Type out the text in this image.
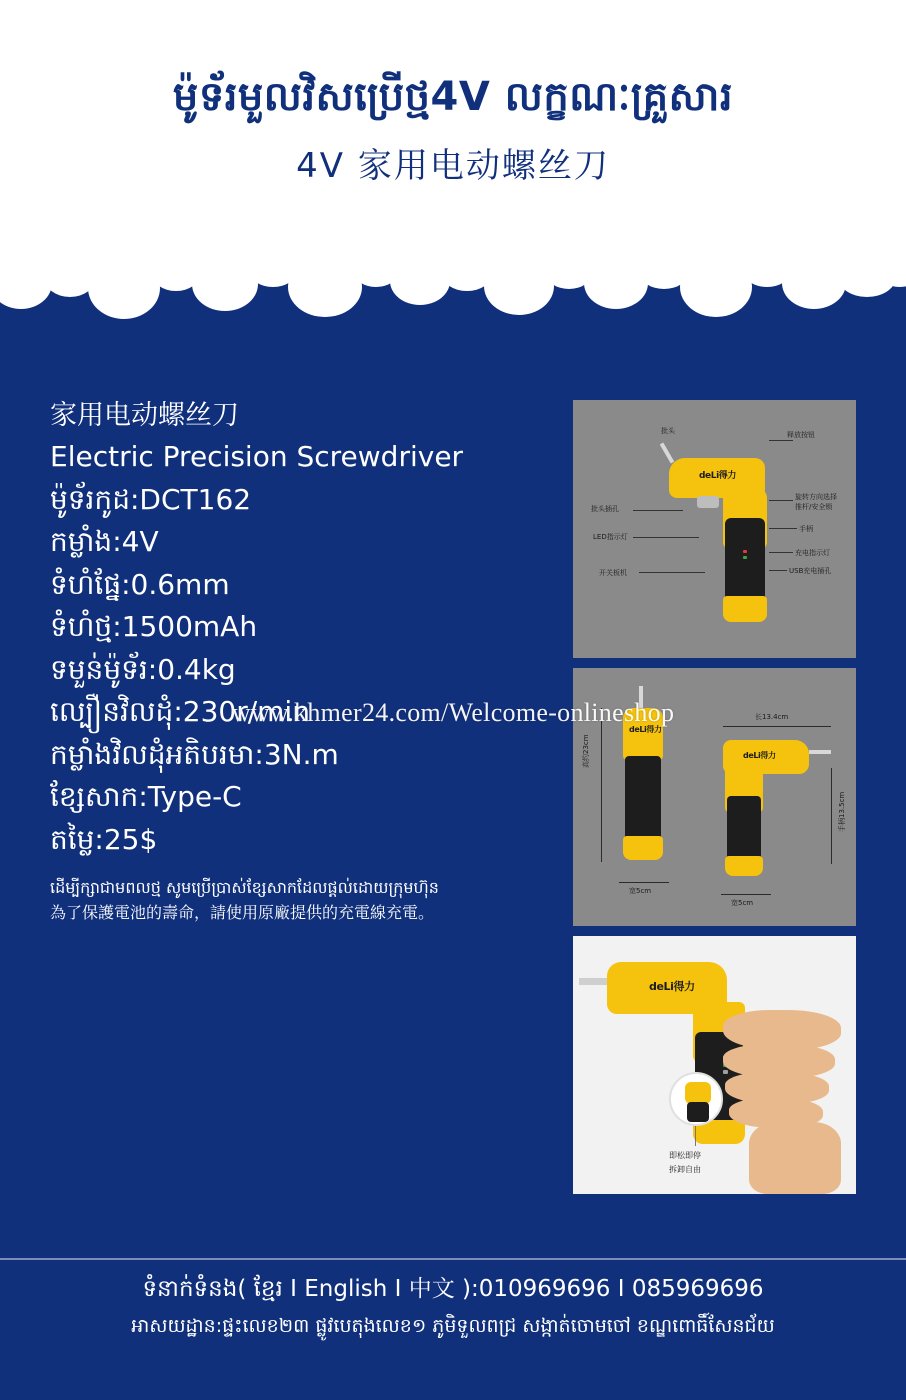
ម៉ូទ័រមួលវិសប្រើថ្ម4V លក្ខណៈគ្រួសារ
4V 家用电动螺丝刀
家用电动螺丝刀
Electric Precision Screwdriver
ម៉ូទ័រកូដ:DCT162
កម្លាំង:4V
ទំហំផ្នែ:0.6mm
ទំហំថ្ម:1500mAh
ទមួន់ម៉ូទ័រ:0.4kg
ល្បឿនវិលដុំ:230r/min
កម្លាំងវិលដុំអតិបរមា:3N.m
ខ្សែសាក:Type-C
តម្លៃ:25$
ដើម្បីក្សាជាមពលថ្ម សូមប្រើប្រាស់ខ្សែសាកដែលផ្តល់ដោយក្រុមហ៊ុន
為了保護電池的壽命，請使用原廠提供的充電線充電。
deLi得力
批头	释放按钮
批头插孔
旋转方向选择
推杆/安全锁
手柄
LED指示灯
充电指示灯
USB充电插孔
开关板机
deLi得力
deLi得力
长13.4cm
高约23cm
手柄13.5cm
宽5cm
宽5cm
deLi得力
即松即停
拆卸自由
www.khmer24.com/Welcome-onlineshop
ទំនាក់ទំនង( ខ្មែរ I English I 中文 ):010969696 I 085969696
អាសយដ្ឋាន:ផ្ទះលេខ២៣ ផ្លូវបេតុងលេខ១ ភូមិទួលពជ្រ សង្កាត់ចោមចៅ ខណ្ឌពោធិ៍សែនជ័យ
